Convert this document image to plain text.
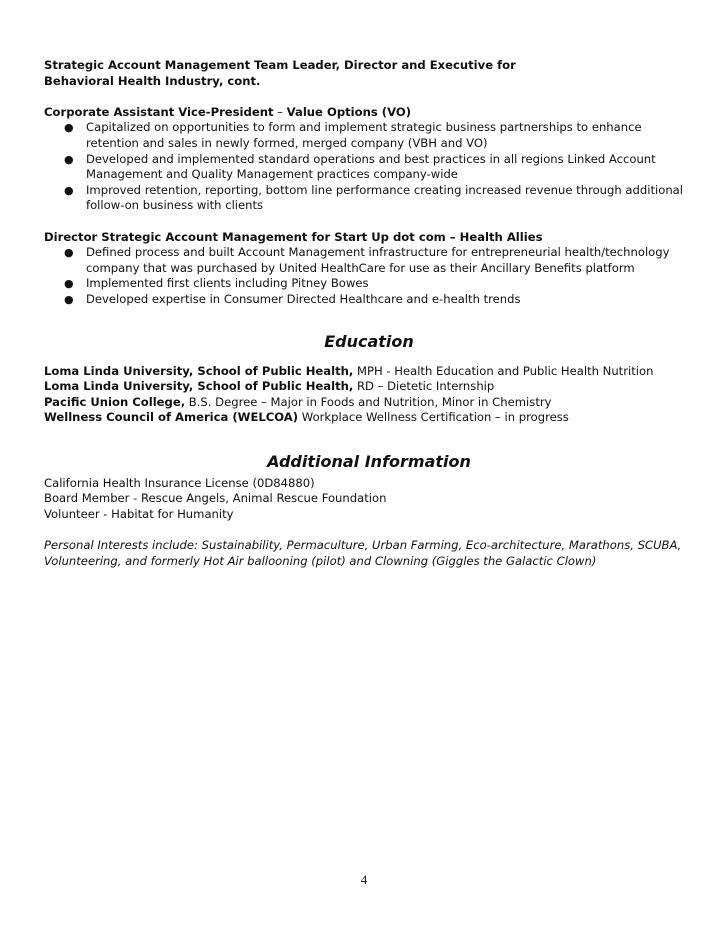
Strategic Account Management Team Leader, Director and Executive for
Behavioral Health Industry, cont.
Corporate Assistant Vice-President – Value Options (VO)
● Capitalized on opportunities to form and implement strategic business partnerships to enhance retention and sales in newly formed, merged company (VBH and VO)
● Developed and implemented standard operations and best practices in all regions Linked Account Management and Quality Management practices company-wide
● Improved retention, reporting, bottom line performance creating increased revenue through additional follow-on business with clients
Director Strategic Account Management for Start Up dot com – Health Allies
● Defined process and built Account Management infrastructure for entrepreneurial health/technology company that was purchased by United HealthCare for use as their Ancillary Benefits platform
● Implemented first clients including Pitney Bowes
● Developed expertise in Consumer Directed Healthcare and e-health trends
Education
Loma Linda University, School of Public Health, MPH - Health Education and Public Health Nutrition
Loma Linda University, School of Public Health, RD – Dietetic Internship
Pacific Union College, B.S. Degree – Major in Foods and Nutrition, Minor in Chemistry
Wellness Council of America (WELCOA) Workplace Wellness Certification – in progress
Additional Information
California Health Insurance License (0D84880)
Board Member - Rescue Angels, Animal Rescue Foundation
Volunteer - Habitat for Humanity
Personal Interests include: Sustainability, Permaculture, Urban Farming, Eco-architecture, Marathons, SCUBA, Volunteering, and formerly Hot Air ballooning (pilot) and Clowning (Giggles the Galactic Clown)
4
